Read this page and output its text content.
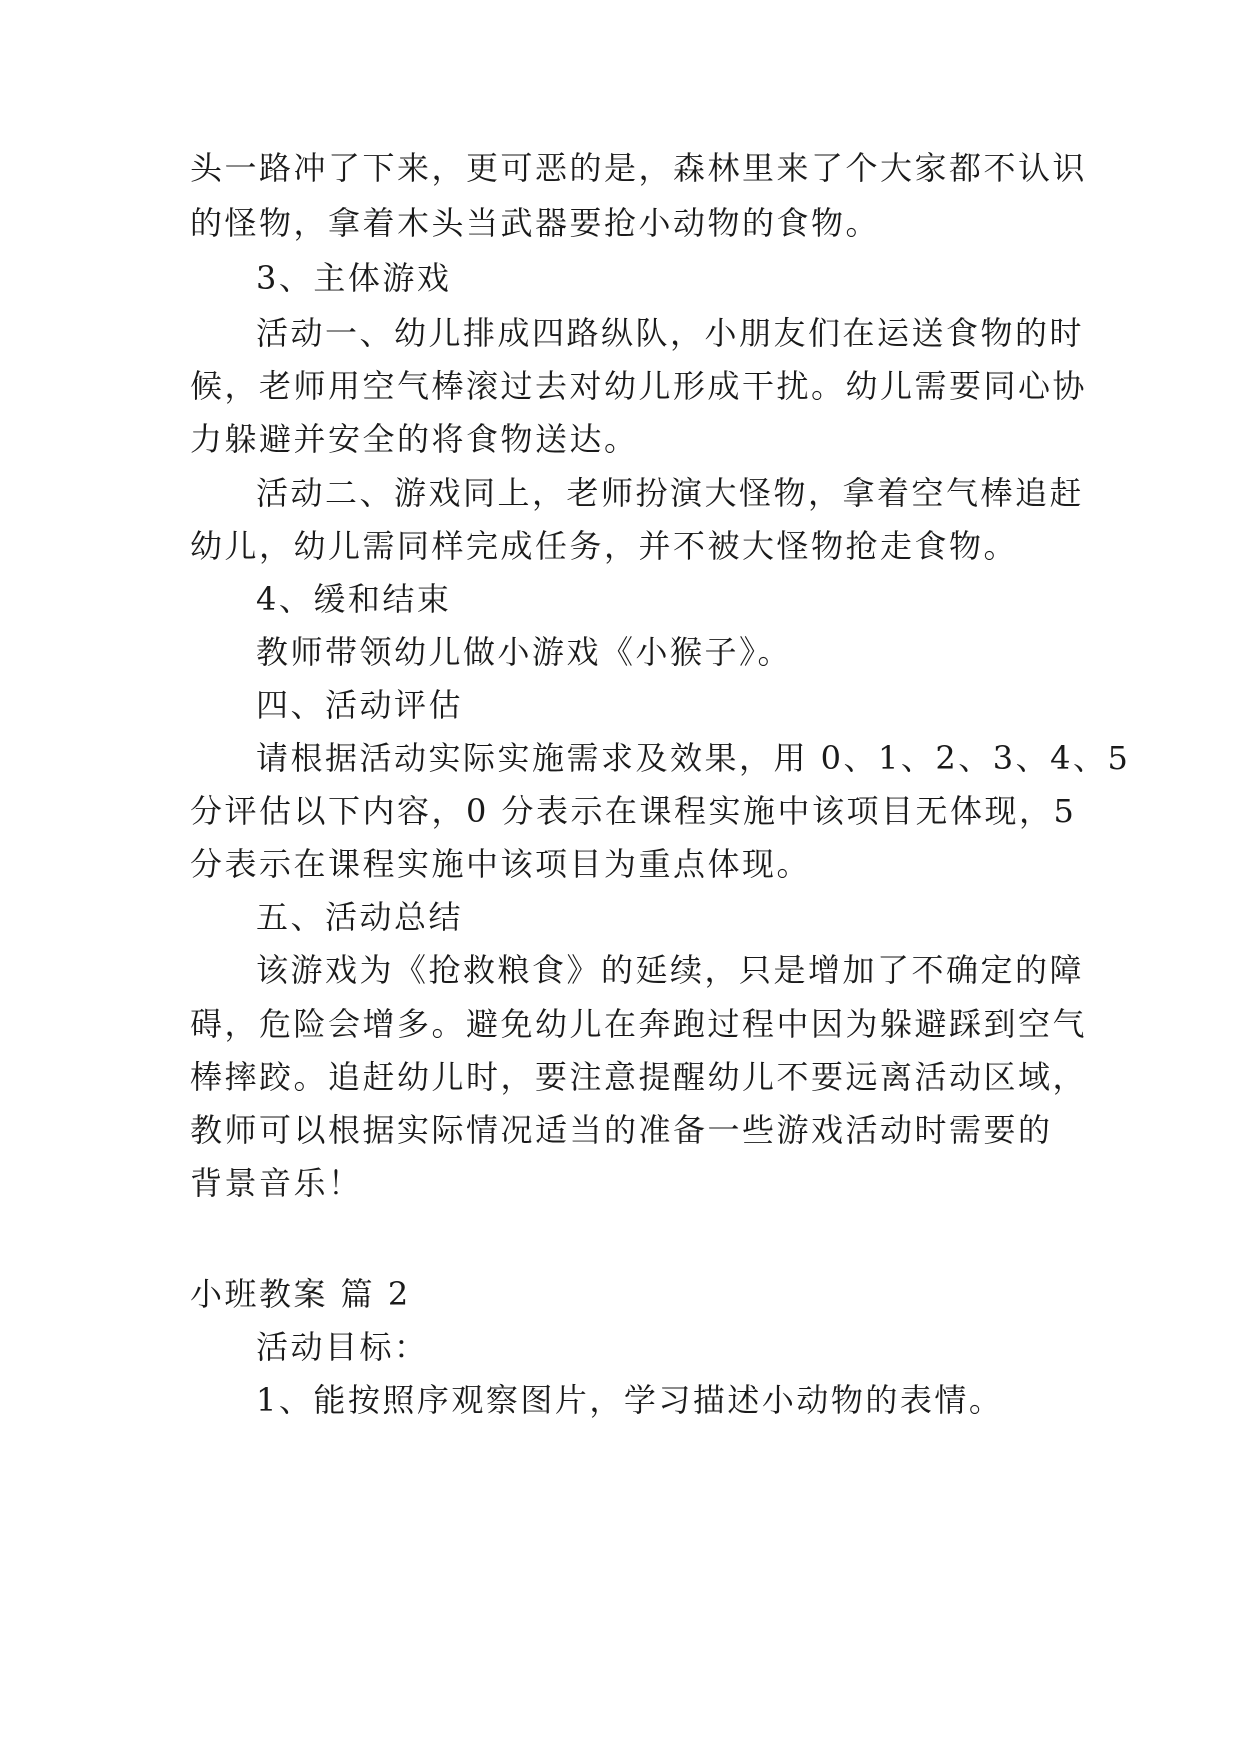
头一路冲了下来，更可恶的是，森林里来了个大家都不认识
的怪物，拿着木头当武器要抢小动物的食物。
3、主体游戏
活动一、幼儿排成四路纵队，小朋友们在运送食物的时
候，老师用空气棒滚过去对幼儿形成干扰。幼儿需要同心协
力躲避并安全的将食物送达。
活动二、游戏同上，老师扮演大怪物，拿着空气棒追赶
幼儿，幼儿需同样完成任务，并不被大怪物抢走食物。
4、缓和结束
教师带领幼儿做小游戏《小猴子》。
四、活动评估
请根据活动实际实施需求及效果，用 0、1、2、3、4、5
分评估以下内容，0 分表示在课程实施中该项目无体现，5
分表示在课程实施中该项目为重点体现。
五、活动总结
该游戏为《抢救粮食》的延续，只是增加了不确定的障
碍，危险会增多。避免幼儿在奔跑过程中因为躲避踩到空气
棒摔跤。追赶幼儿时，要注意提醒幼儿不要远离活动区域，
教师可以根据实际情况适当的准备一些游戏活动时需要的
背景音乐！
小班教案 篇 2
活动目标：
1、能按照序观察图片，学习描述小动物的表情。
